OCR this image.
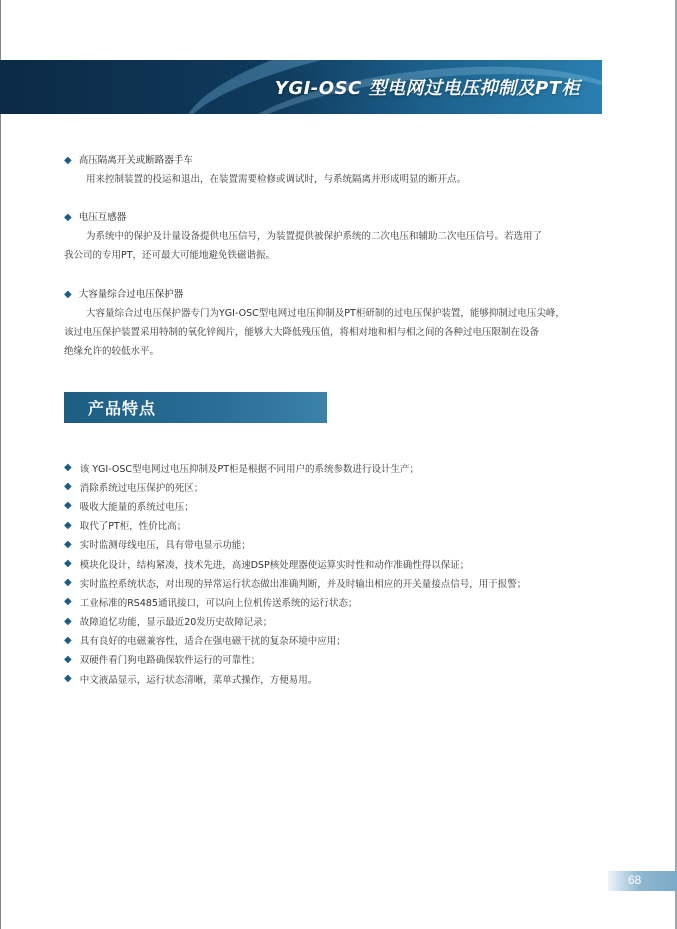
YGI-OSC 型电网过电压抑制及PT柜
◆ 高压隔离开关或断路器手车

用来控制装置的投运和退出，在装置需要检修或调试时，与系统隔离并形成明显的断开点。

◆ 电压互感器

为系统中的保护及计量设备提供电压信号，为装置提供被保护系统的二次电压和辅助二次电压信号。若选用了

我公司的专用PT，还可最大可能地避免铁磁谐振。

◆ 大容量综合过电压保护器

大容量综合过电压保护器专门为YGI-OSC型电网过电压抑制及PT柜研制的过电压保护装置，能够抑制过电压尖峰，

该过电压保护装置采用特制的氧化锌阀片，能够大大降低残压值，将相对地和相与相之间的各种过电压限制在设备

绝缘允许的较低水平。

产品特点
◆ 该 YGI-OSC型电网过电压抑制及PT柜是根据不同用户的系统参数进行设计生产；
◆ 消除系统过电压保护的死区；
◆ 吸收大能量的系统过电压；
◆ 取代了PT柜，性价比高；
◆ 实时监测母线电压，具有带电显示功能；
◆ 模块化设计，结构紧凑，技术先进，高速DSP核处理器使运算实时性和动作准确性得以保证；
◆ 实时监控系统状态，对出现的异常运行状态做出准确判断，并及时输出相应的开关量接点信号，用于报警；
◆ 工业标准的RS485通讯接口，可以向上位机传送系统的运行状态；
◆ 故障追忆功能，显示最近20发历史故障记录；
◆ 具有良好的电磁兼容性，适合在强电磁干扰的复杂环境中应用；
◆ 双硬件看门狗电路确保软件运行的可靠性；
◆ 中文液晶显示，运行状态清晰，菜单式操作，方便易用。
68
